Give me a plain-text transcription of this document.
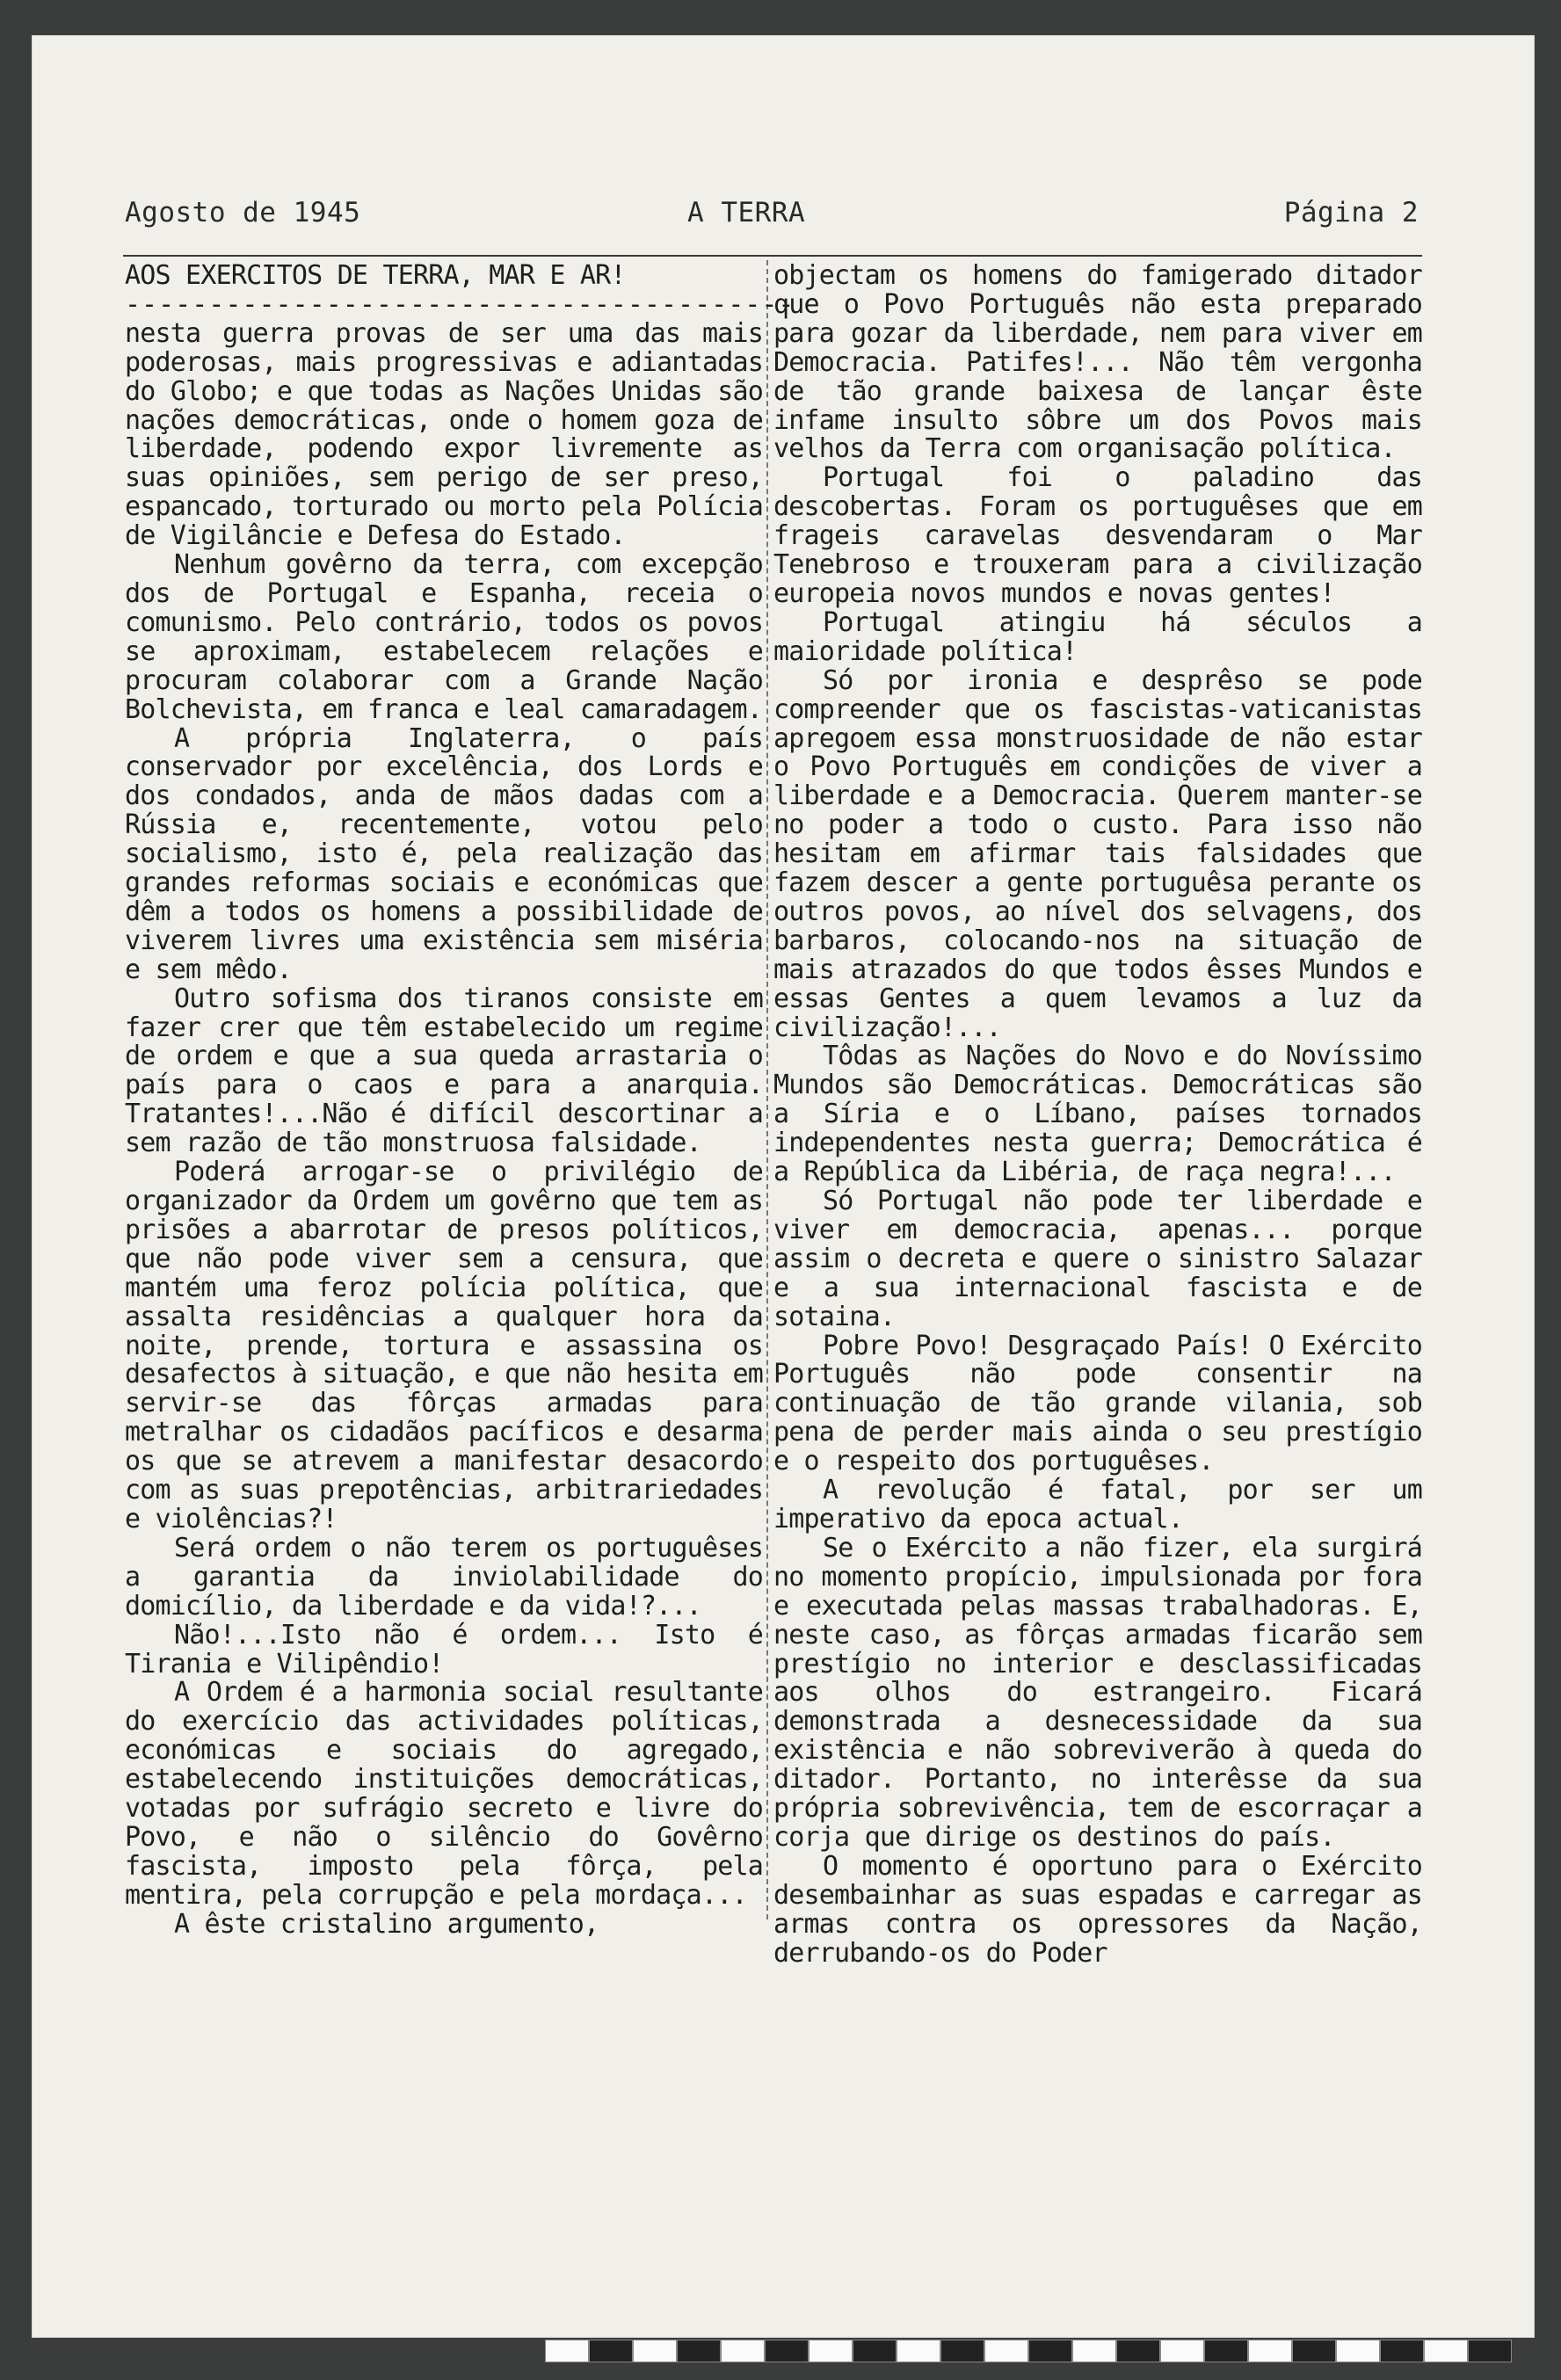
Agosto de 1945	A TERRA	Página 2
AOS EXERCITOS DE TERRA, MAR E AR!
----------------------------------------

nesta guerra provas de ser uma das mais poderosas, mais progressivas e adiantadas do Globo; e que todas as Nações Unidas são nações democráticas, onde o homem goza de liberdade, podendo expor livremente as suas opiniões, sem perigo de ser preso, espancado, torturado ou morto pela Polícia de Vigilâncie e Defesa do Estado.

Nenhum govêrno da terra, com excepção dos de Portugal e Espanha, receia o comunismo. Pelo contrário, todos os povos se aproximam, estabelecem relações e procuram colaborar com a Grande Nação Bolchevista, em franca e leal camaradagem.

A própria Inglaterra, o país conservador por excelência, dos Lords e dos condados, anda de mãos dadas com a Rússia e, recentemente, votou pelo socialismo, isto é, pela realização das grandes reformas sociais e económicas que dêm a todos os homens a possibilidade de viverem livres uma existência sem miséria e sem mêdo.

Outro sofisma dos tiranos consiste em fazer crer que têm estabelecido um regime de ordem e que a sua queda arrastaria o país para o caos e para a anarquia. Tratantes!...Não é difícil descortinar a sem razão de tão monstruosa falsidade.

Poderá arrogar-se o privilégio de organizador da Ordem um govêrno que tem as prisões a abarrotar de presos políticos, que não pode viver sem a censura, que mantém uma feroz polícia política, que assalta residências a qualquer hora da noite, prende, tortura e assassina os desafectos à situação, e que não hesita em servir-se das fôrças armadas para metralhar os cidadãos pacíficos e desarma os que se atrevem a manifestar desacordo com as suas prepotências, arbitrariedades e violências?!

Será ordem o não terem os portuguêses a garantia da inviolabilidade do domicílio, da liberdade e da vida!?...

Não!...Isto não é ordem... Isto é Tirania e Vilipêndio!

A Ordem é a harmonia social resultante do exercício das actividades políticas, económicas e sociais do agregado, estabelecendo instituições democráticas, votadas por sufrágio secreto e livre do Povo, e não o silêncio do Govêrno fascista, imposto pela fôrça, pela mentira, pela corrupção e pela mordaça...

A êste cristalino argumento,

objectam os homens do famigerado ditador que o Povo Português não esta preparado para gozar da liberdade, nem para viver em Democracia. Patifes!... Não têm vergonha de tão grande baixesa de lançar êste infame insulto sôbre um dos Povos mais velhos da Terra com organisação política.

Portugal foi o paladino das descobertas. Foram os portuguêses que em frageis caravelas desvendaram o Mar Tenebroso e trouxeram para a civilização europeia novos mundos e novas gentes!

Portugal atingiu há séculos a maioridade política!

Só por ironia e desprêso se pode compreender que os fascistas-vaticanistas apregoem essa monstruosidade de não estar o Povo Português em condições de viver a liberdade e a Democracia. Querem manter-se no poder a todo o custo. Para isso não hesitam em afirmar tais falsidades que fazem descer a gente portuguêsa perante os outros povos, ao nível dos selvagens, dos barbaros, colocando-nos na situação de mais atrazados do que todos êsses Mundos e essas Gentes a quem levamos a luz da civilização!...

Tôdas as Nações do Novo e do Novíssimo Mundos são Democráticas. Democráticas são a Síria e o Líbano, países tornados independentes nesta guerra; Democrática é a República da Libéria, de raça negra!...

Só Portugal não pode ter liberdade e viver em democracia, apenas... porque assim o decreta e quere o sinistro Salazar e a sua internacional fascista e de sotaina.

Pobre Povo! Desgraçado País! O Exército Português não pode consentir na continuação de tão grande vilania, sob pena de perder mais ainda o seu prestígio e o respeito dos portuguêses.

A revolução é fatal, por ser um imperativo da epoca actual.

Se o Exército a não fizer, ela surgirá no momento propício, impulsionada por fora e executada pelas massas trabalhadoras. E, neste caso, as fôrças armadas ficarão sem prestígio no interior e desclassificadas aos olhos do estrangeiro. Ficará demonstrada a desnecessidade da sua existência e não sobreviverão à queda do ditador. Portanto, no interêsse da sua própria sobrevivência, tem de escorraçar a corja que dirige os destinos do país.

O momento é oportuno para o Exército desembainhar as suas espadas e carregar as armas contra os opressores da Nação, derrubando-os do Poder
